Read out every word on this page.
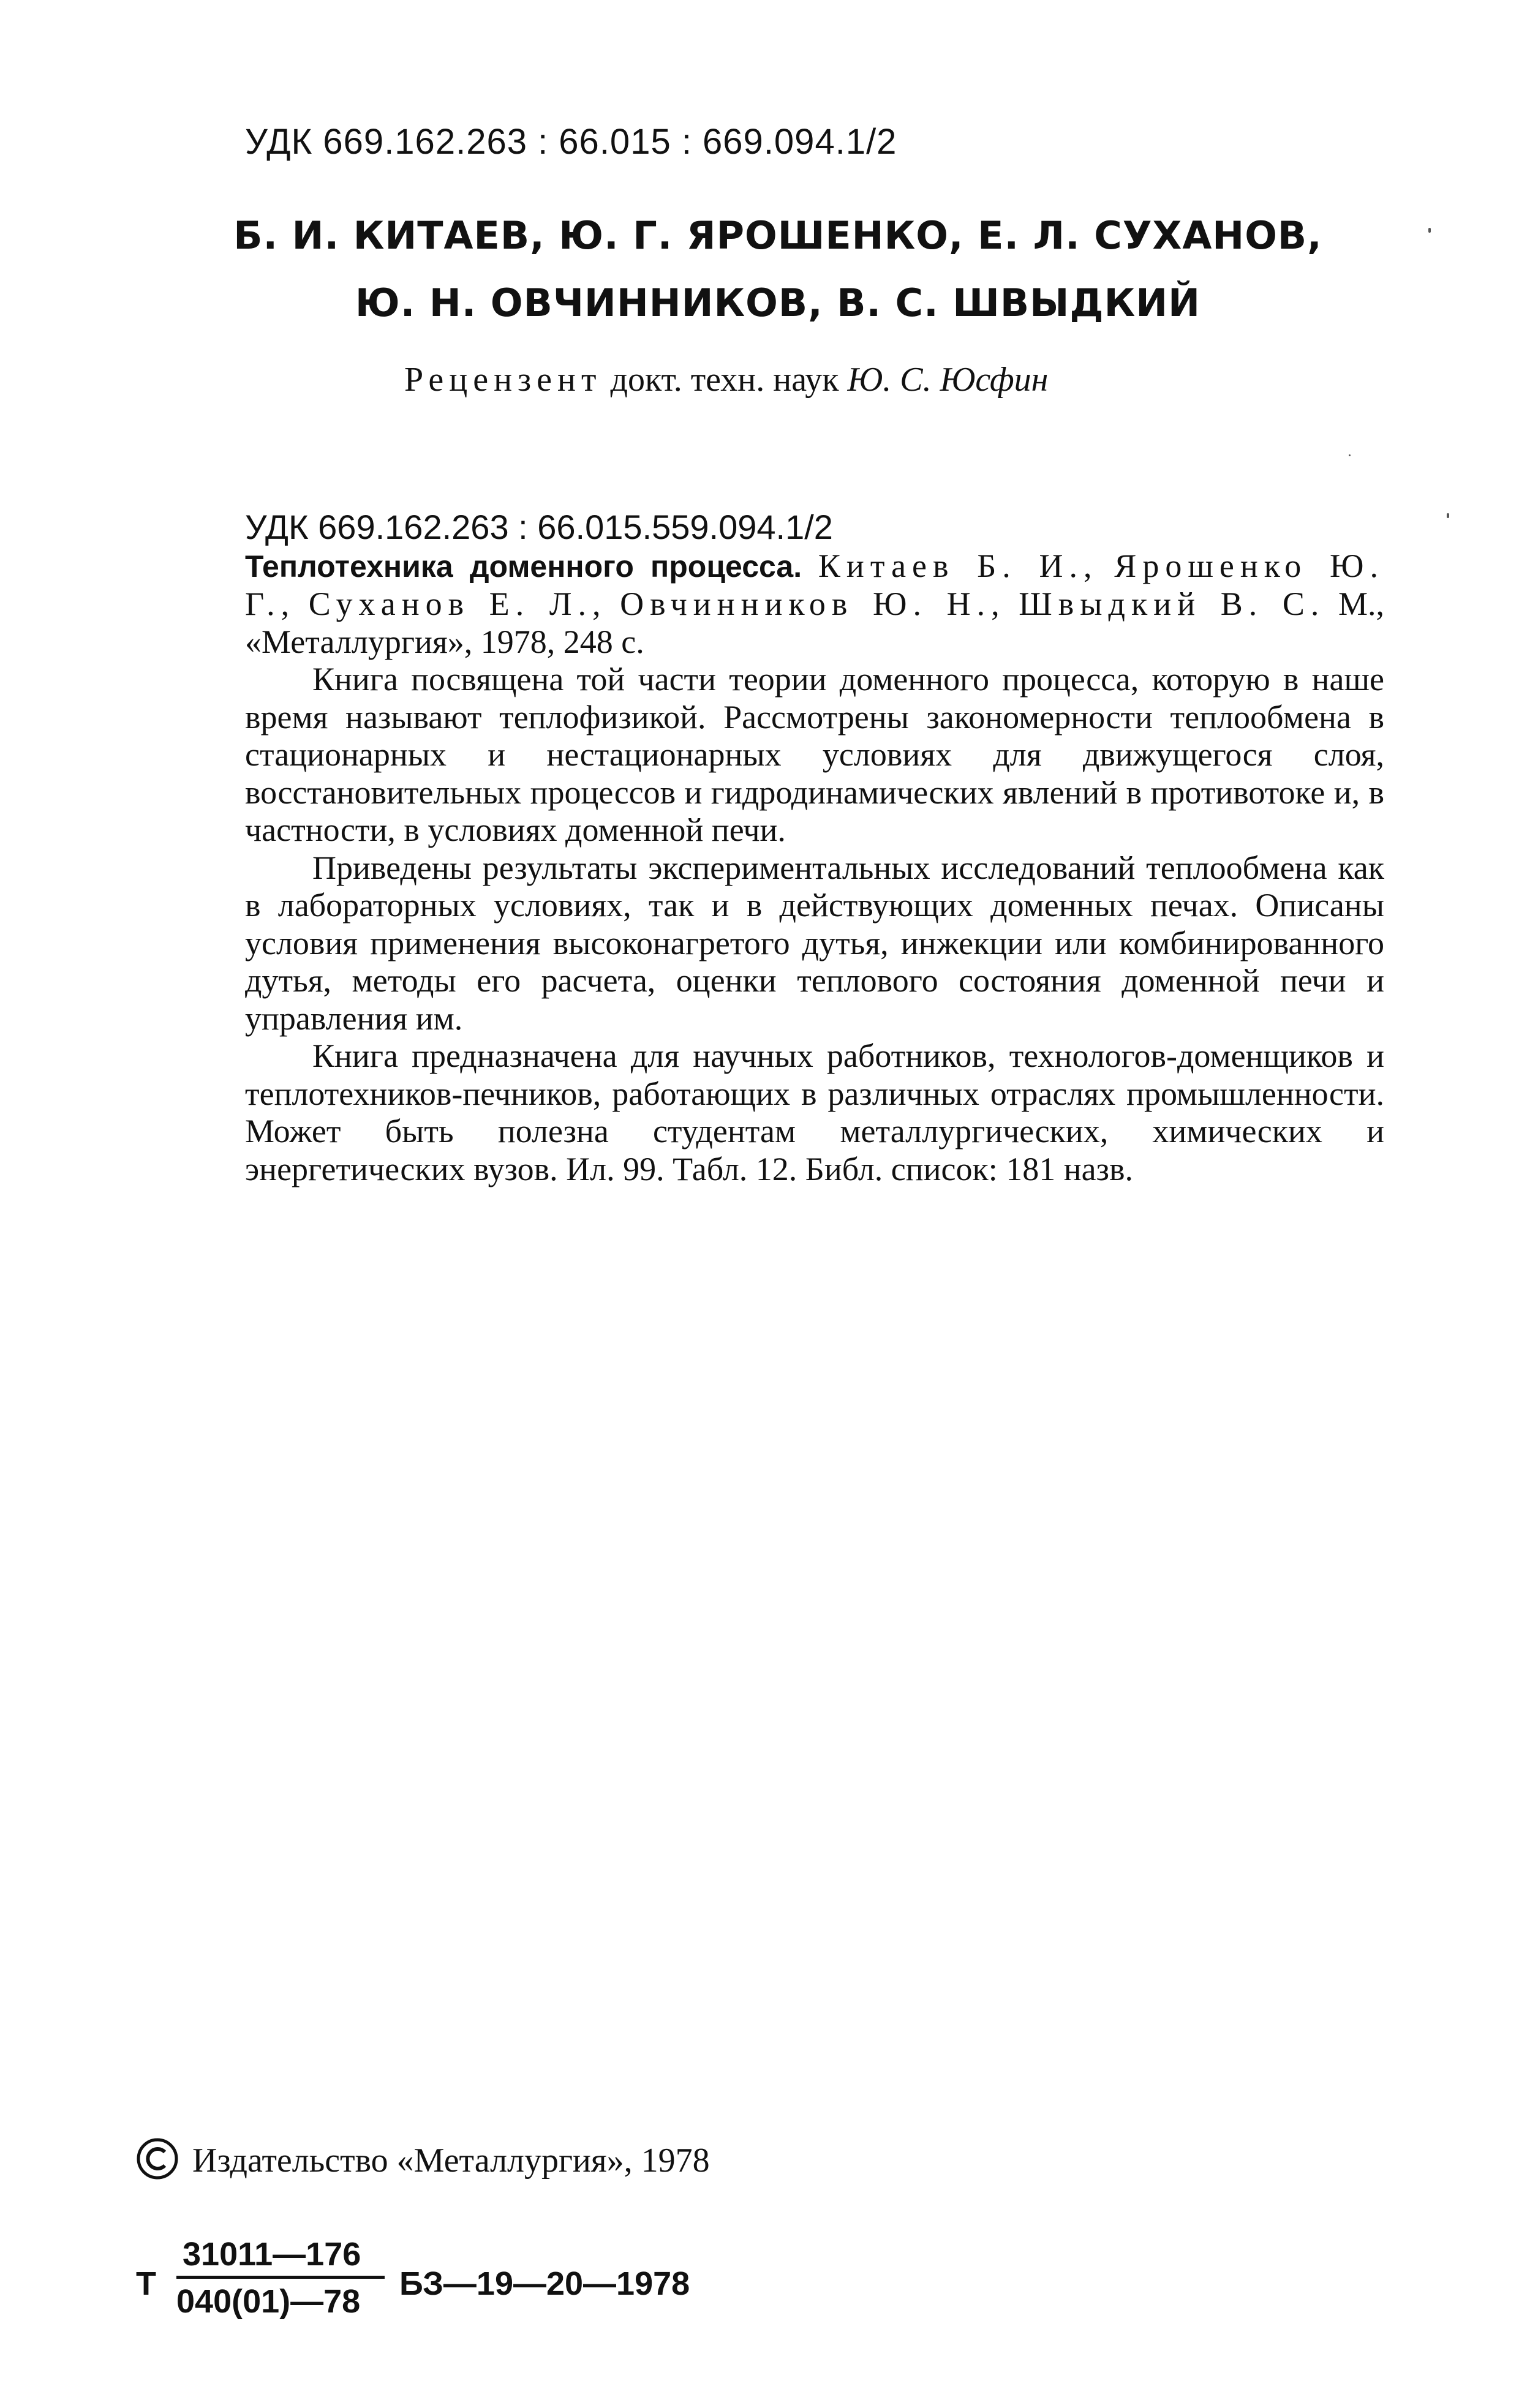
УДК 669.162.263 : 66.015 : 669.094.1/2
Б. И. КИТАЕВ, Ю. Г. ЯРОШЕНКО, Е. Л. СУХАНОВ,
Ю. Н. ОВЧИННИКОВ, В. С. ШВЫДКИЙ
Рецензент докт. техн. наук Ю. С. Юсфин
УДК 669.162.263 : 66.015.559.094.1/2
Теплотехника доменного процесса. Китаев Б. И., Ярошенко Ю. Г., Суханов Е. Л., Овчинников Ю. Н., Швыдкий В. С. М., «Металлургия», 1978, 248 с.

Книга посвящена той части теории доменного процесса, которую в наше время называют теплофизикой. Рассмотрены закономерности теплообмена в стационарных и нестационарных условиях для движущегося слоя, восстановительных процессов и гидродинамических явлений в противотоке и, в частности, в условиях доменной печи.

Приведены результаты экспериментальных исследований теплообмена как в лабораторных условиях, так и в действующих доменных печах. Описаны условия применения высоконагретого дутья, инжекции или комбинированного дутья, методы его расчета, оценки теплового состояния доменной печи и управления им.

Книга предназначена для научных работников, технологов-доменщиков и теплотехников-печников, работающих в различных отраслях промышленности. Может быть полезна студентам металлургических, химических и энергетических вузов. Ил. 99. Табл. 12. Библ. список: 181 назв.

Издательство «Металлургия», 1978
Т
31011—176
040(01)—78	БЗ—19—20—1978
